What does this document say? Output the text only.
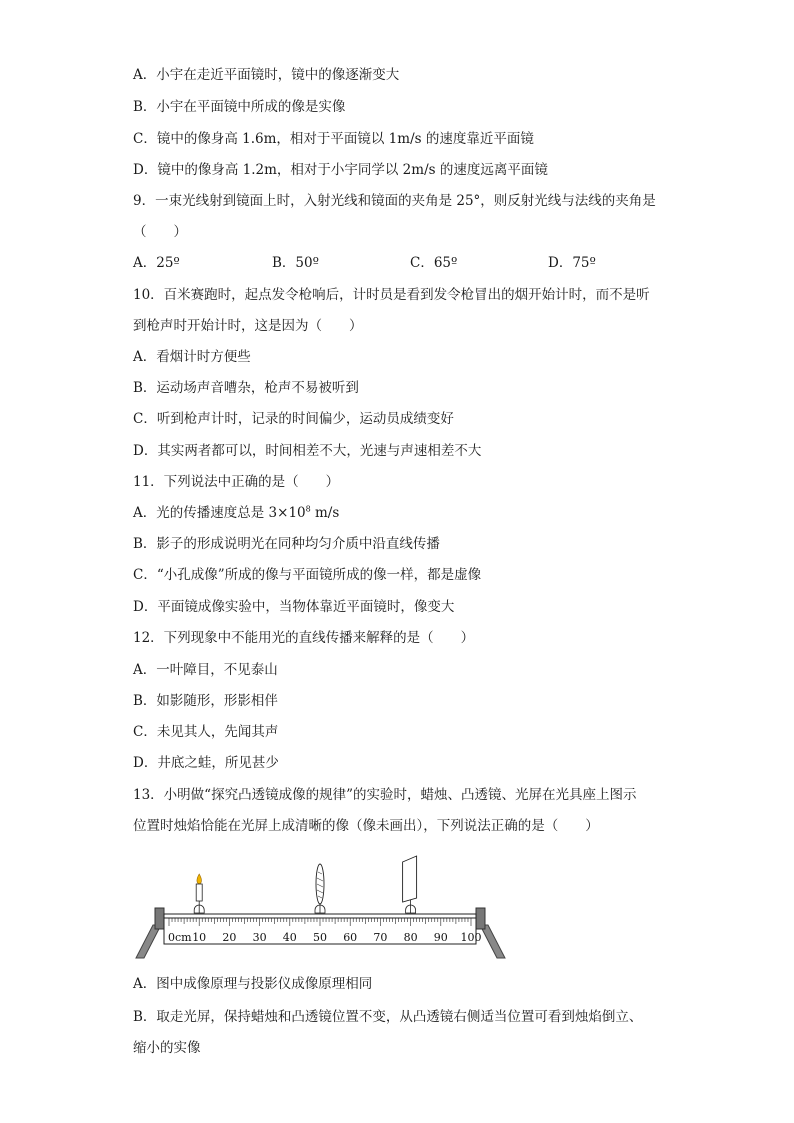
A．小宇在走近平面镜时，镜中的像逐渐变大
B．小宇在平面镜中所成的像是实像
C．镜中的像身高 1.6m，相对于平面镜以 1m/s 的速度靠近平面镜
D．镜中的像身高 1.2m，相对于小宇同学以 2m/s 的速度远离平面镜
9．一束光线射到镜面上时，入射光线和镜面的夹角是 25°，则反射光线与法线的夹角是
（　　）
A．25º	B．50º	C．65º	D．75º
10．百米赛跑时，起点发令枪响后，计时员是看到发令枪冒出的烟开始计时，而不是听
到枪声时开始计时，这是因为（　　）
A．看烟计时方便些
B．运动场声音嘈杂，枪声不易被听到
C．听到枪声计时，记录的时间偏少，运动员成绩变好
D．其实两者都可以，时间相差不大，光速与声速相差不大
11．下列说法中正确的是（　　）
A．光的传播速度总是 $3\times 10^8$ m/s
B．影子的形成说明光在同种均匀介质中沿直线传播
C．“小孔成像”所成的像与平面镜所成的像一样，都是虚像
D．平面镜成像实验中，当物体靠近平面镜时，像变大
12．下列现象中不能用光的直线传播来解释的是（　　）
A．一叶障目，不见泰山
B．如影随形，形影相伴
C．未见其人，先闻其声
D．井底之蛙，所见甚少
13．小明做“探究凸透镜成像的规律”的实验时，蜡烛、凸透镜、光屏在光具座上图示
位置时烛焰恰能在光屏上成清晰的像（像未画出），下列说法正确的是（　　）
0cm 10 20 30 40 50 60 70 80 90 100
A．图中成像原理与投影仪成像原理相同
B．取走光屏，保持蜡烛和凸透镜位置不变，从凸透镜右侧适当位置可看到烛焰倒立、
缩小的实像
